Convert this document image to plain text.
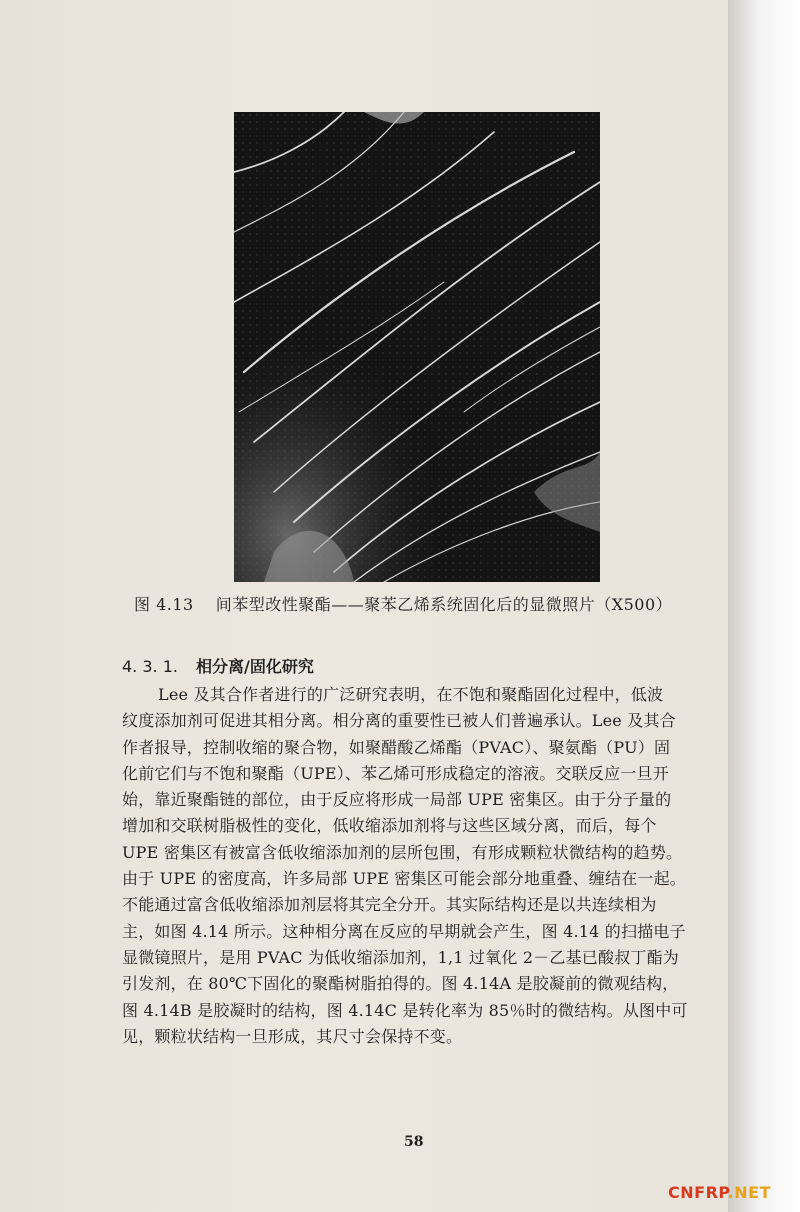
图 4.13 间苯型改性聚酯——聚苯乙烯系统固化后的显微照片（X500）
4. 3. 1. 相分离/固化研究
Lee 及其合作者进行的广泛研究表明，在不饱和聚酯固化过程中，低波
纹度添加剂可促进其相分离。相分离的重要性已被人们普遍承认。Lee 及其合
作者报导，控制收缩的聚合物，如聚醋酸乙烯酯（PVAC）、聚氨酯（PU）固
化前它们与不饱和聚酯（UPE）、苯乙烯可形成稳定的溶液。交联反应一旦开
始，靠近聚酯链的部位，由于反应将形成一局部 UPE 密集区。由于分子量的
增加和交联树脂极性的变化，低收缩添加剂将与这些区域分离，而后，每个
UPE 密集区有被富含低收缩添加剂的层所包围，有形成颗粒状微结构的趋势。
由于 UPE 的密度高，许多局部 UPE 密集区可能会部分地重叠、缠结在一起。
不能通过富含低收缩添加剂层将其完全分开。其实际结构还是以共连续相为
主，如图 4.14 所示。这种相分离在反应的早期就会产生，图 4.14 的扫描电子
显微镜照片，是用 PVAC 为低收缩添加剂，1,1 过氧化 2－乙基已酸叔丁酯为
引发剂，在 80℃下固化的聚酯树脂拍得的。图 4.14A 是胶凝前的微观结构，
图 4.14B 是胶凝时的结构，图 4.14C 是转化率为 85％时的微结构。从图中可
见，颗粒状结构一旦形成，其尺寸会保持不变。
58
CNFRP.NET
